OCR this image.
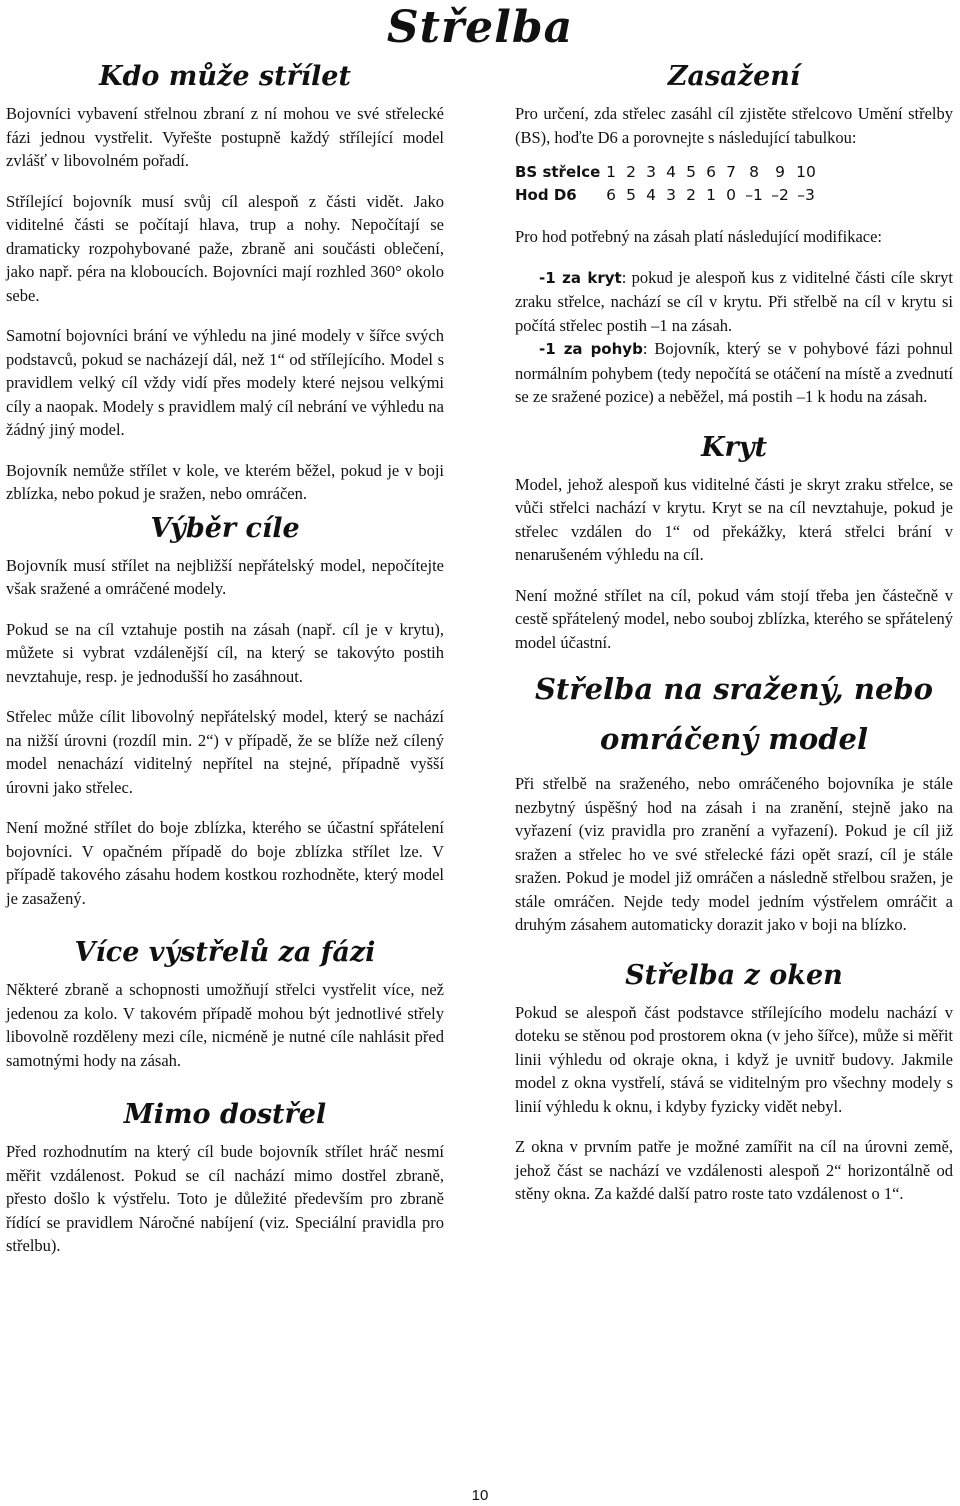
Střelba
Kdo může střílet

Bojovníci vybavení střelnou zbraní z ní mohou ve své střelecké fázi jednou vystřelit. Vyřešte postupně každý střílející model zvlášť v libovolném pořadí.

Střílející bojovník musí svůj cíl alespoň z části vidět. Jako viditelné části se počítají hlava, trup a nohy. Nepočítají se dramaticky rozpohybované paže, zbraně ani součásti oblečení, jako např. péra na kloboucích. Bojovníci mají rozhled 360° okolo sebe.

Samotní bojovníci brání ve výhledu na jiné modely v šířce svých podstavců, pokud se nacházejí dál, než 1“ od střílejícího. Model s pravidlem velký cíl vždy vidí přes modely které nejsou velkými cíly a naopak. Modely s pravidlem malý cíl nebrání ve výhledu na žádný jiný model.

Bojovník nemůže střílet v kole, ve kterém běžel, pokud je v boji zblízka, nebo pokud je sražen, nebo omráčen.

Výběr cíle

Bojovník musí střílet na nejbližší nepřátelský model, nepočítejte však sražené a omráčené modely.

Pokud se na cíl vztahuje postih na zásah (např. cíl je v krytu), můžete si vybrat vzdálenější cíl, na který se takovýto postih nevztahuje, resp. je jednodušší ho zasáhnout.

Střelec může cílit libovolný nepřátelský model, který se nachází na nižší úrovni (rozdíl min. 2“) v případě, že se blíže než cílený model nenachází viditelný nepřítel na stejné, případně vyšší úrovni jako střelec.

Není možné střílet do boje zblízka, kterého se účastní spřátelení bojovníci. V opačném případě do boje zblízka střílet lze. V případě takového zásahu hodem kostkou rozhodněte, který model je zasažený.

Více výstřelů za fázi

Některé zbraně a schopnosti umožňují střelci vystřelit více, než jedenou za kolo. V takovém případě mohou být jednotlivé střely libovolně rozděleny mezi cíle, nicméně je nutné cíle nahlásit před samotnými hody na zásah.

Mimo dostřel

Před rozhodnutím na který cíl bude bojovník střílet hráč nesmí měřit vzdálenost. Pokud se cíl nachází mimo dostřel zbraně, přesto došlo k výstřelu. Toto je důležité především pro zbraně řídící se pravidlem Náročné nabíjení (viz. Speciální pravidla pro střelbu).

Zasažení

Pro určení, zda střelec zasáhl cíl zjistěte střelcovo Umění střelby (BS), hoďte D6 a porovnejte s následující tabulkou:

BS střelce 1 2 3 4 5 6 7 8	9 10
Hod D6	6 5 4 3 2 1 0 –1 –2 –3

Pro hod potřebný na zásah platí následující modifikace:

-1 za kryt: pokud je alespoň kus z viditelné části cíle skryt zraku střelce, nachází se cíl v krytu. Při střelbě na cíl v krytu si počítá střelec postih –1 na zásah.

-1 za pohyb: Bojovník, který se v pohybové fázi pohnul normálním pohybem (tedy nepočítá se otáčení na místě a zvednutí se ze sražené pozice) a neběžel, má postih –1 k hodu na zásah.

Kryt

Model, jehož alespoň kus viditelné části je skryt zraku střelce, se vůči střelci nachází v krytu. Kryt se na cíl nevztahuje, pokud je střelec vzdálen do 1“ od překážky, která střelci brání v nenarušeném výhledu na cíl.

Není možné střílet na cíl, pokud vám stojí třeba jen částečně v cestě spřátelený model, nebo souboj zblízka, kterého se spřátelený model účastní.

Střelba na sražený, nebo omráčený model

Při střelbě na sraženého, nebo omráčeného bojovníka je stále nezbytný úspěšný hod na zásah i na zranění, stejně jako na vyřazení (viz pravidla pro zranění a vyřazení). Pokud je cíl již sražen a střelec ho ve své střelecké fázi opět srazí, cíl je stále sražen. Pokud je model již omráčen a následně střelbou sražen, je stále omráčen. Nejde tedy model jedním výstřelem omráčit a druhým zásahem automaticky dorazit jako v boji na blízko.

Střelba z oken

Pokud se alespoň část podstavce střílejícího modelu nachází v doteku se stěnou pod prostorem okna (v jeho šířce), může si měřit linii výhledu od okraje okna, i když je uvnitř budovy. Jakmile model z okna vystřelí, stává se viditelným pro všechny modely s linií výhledu k oknu, i kdyby fyzicky vidět nebyl.

Z okna v prvním patře je možné zamířit na cíl na úrovni země, jehož část se nachází ve vzdálenosti alespoň 2“ horizontálně od stěny okna. Za každé další patro roste tato vzdálenost o 1“.

10
